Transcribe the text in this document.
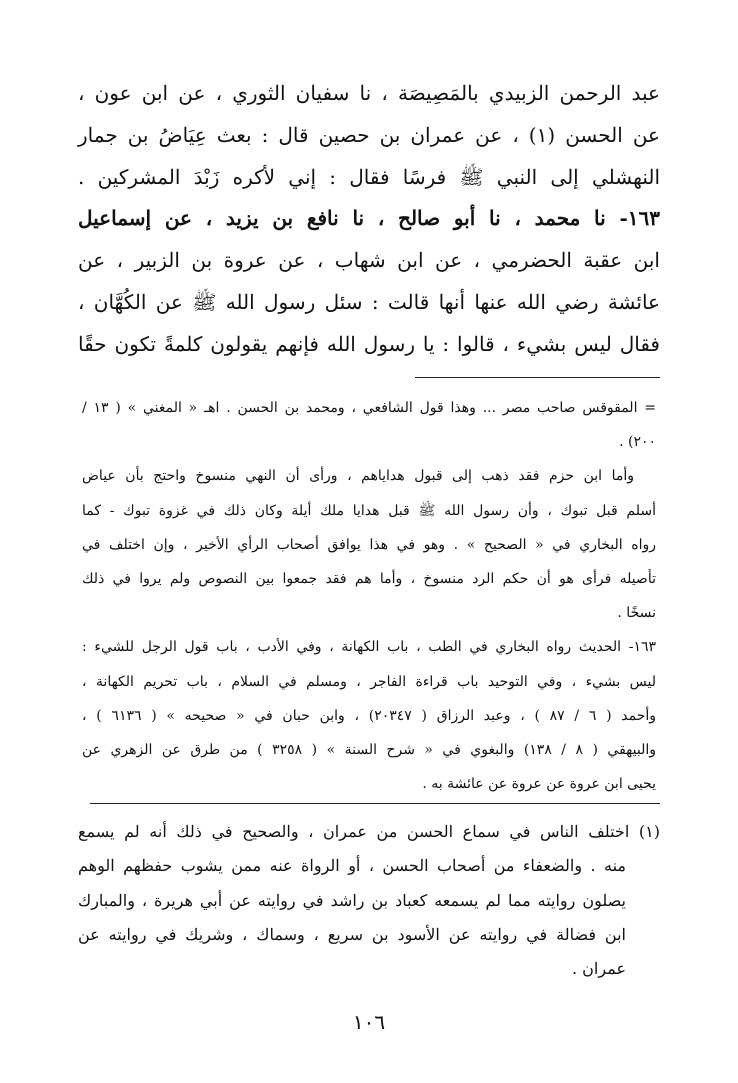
عبد الرحمن الزبيدي بالمَصِيصَة ، نا سفيان الثوري ، عن ابن عون ،
عن الحسن (١) ، عن عمران بن حصين قال : بعث عِيَاضُ بن جمار
النهشلي إلى النبي ﷺ فرسًا فقال : إني لأكره زَبْدَ المشركين .
١٦٣- نا محمد ، نا أبو صالح ، نا نافع بن يزيد ، عن إسماعيل
ابن عقبة الحضرمي ، عن ابن شهاب ، عن عروة بن الزبير ، عن
عائشة رضي الله عنها أنها قالت : سئل رسول الله ﷺ عن الكُهَّان ،
فقال ليس بشيء ، قالوا : يا رسول الله فإنهم يقولون كلمةً تكون حقًا
= المقوقس صاحب مصر ... وهذا قول الشافعي ، ومحمد بن الحسن . اهـ « المغني » ( ١٣ /
٢٠٠) .
وأما ابن حزم فقد ذهب إلى قبول هداياهم ، ورأى أن النهي منسوخ واحتج بأن عياض
أسلم قبل تبوك ، وأن رسول الله ﷺ قبل هدايا ملك أيلة وكان ذلك في غزوة تبوك - كما
رواه البخاري في « الصحيح » . وهو في هذا يوافق أصحاب الرأي الأخير ، وإن اختلف في
تأصيله فرأى هو أن حكم الرد منسوخ ، وأما هم فقد جمعوا بين النصوص ولم يروا في ذلك
نسخًا .
١٦٣- الحديث رواه البخاري في الطب ، باب الكهانة ، وفي الأدب ، باب قول الرجل للشيء :
ليس بشيء ، وفي التوحيد باب قراءة الفاجر ، ومسلم في السلام ، باب تحريم الكهانة ،
وأحمد ( ٦ / ٨٧ ) ، وعبد الرزاق ( ٢٠٣٤٧) ، وابن حبان في « صحيحه » ( ٦١٣٦ ) ،
والبيهقي ( ٨ / ١٣٨) والبغوي في « شرح السنة » ( ٣٢٥٨ ) من طرق عن الزهري عن
يحيى ابن عروة عن عروة عن عائشة به .
(١) اختلف الناس في سماع الحسن من عمران ، والصحيح في ذلك أنه لم يسمع
منه . والضعفاء من أصحاب الحسن ، أو الرواة عنه ممن يشوب حفظهم الوهم
يصلون روايته مما لم يسمعه كعباد بن راشد في روايته عن أبي هريرة ، والمبارك
ابن فضالة في روايته عن الأسود بن سريع ، وسماك ، وشريك في روايته عن
عمران .
١٠٦
